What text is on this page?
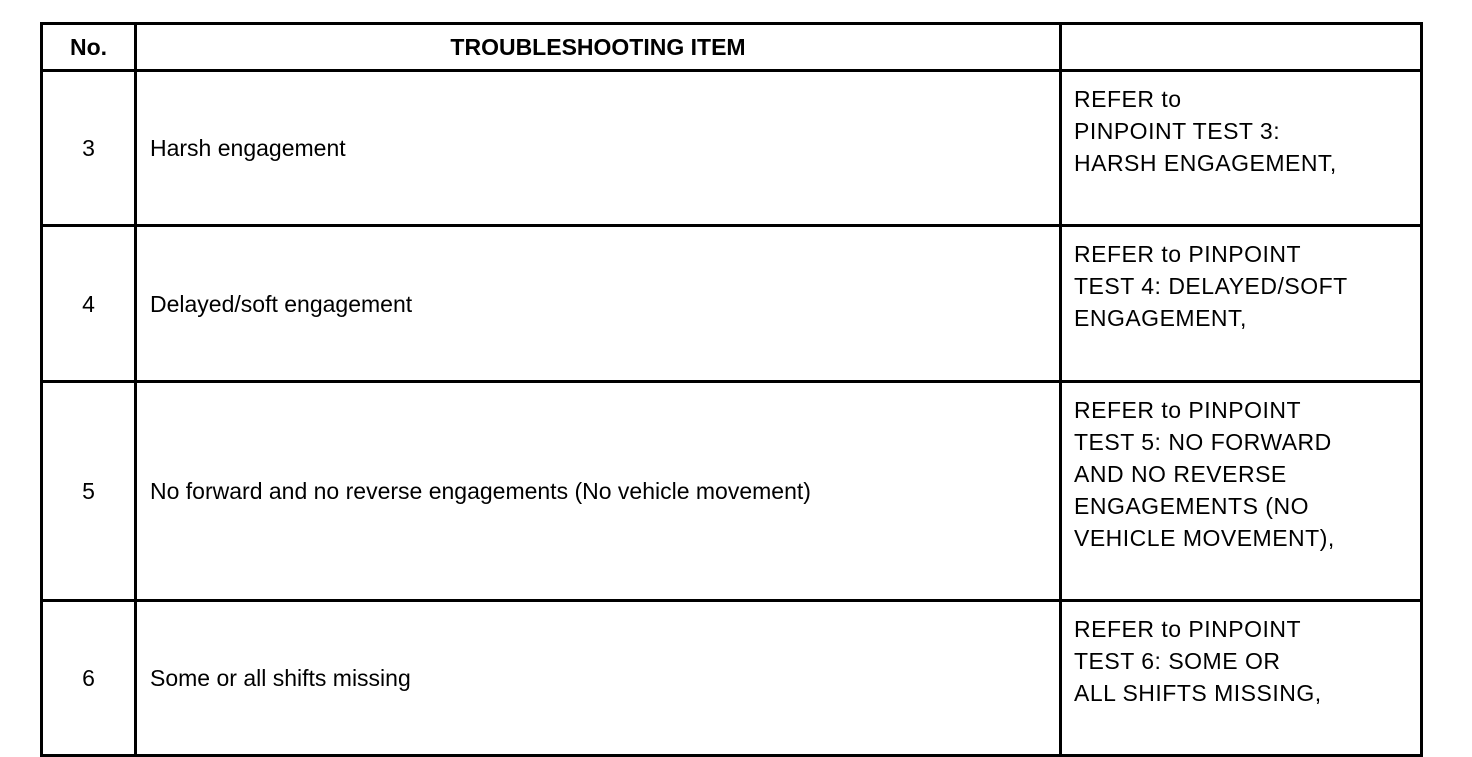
No.	TROUBLESHOOTING ITEM	
3	Harsh engagement	REFER to
PINPOINT TEST 3:
HARSH ENGAGEMENT,

4	Delayed/soft engagement	REFER to PINPOINT
TEST 4: DELAYED/SOFT
ENGAGEMENT,

5	No forward and no reverse engagements (No vehicle movement)	REFER to PINPOINT
TEST 5: NO FORWARD
AND NO REVERSE
ENGAGEMENTS (NO
VEHICLE MOVEMENT),

6	Some or all shifts missing	REFER to PINPOINT
TEST 6: SOME OR
ALL SHIFTS MISSING,
